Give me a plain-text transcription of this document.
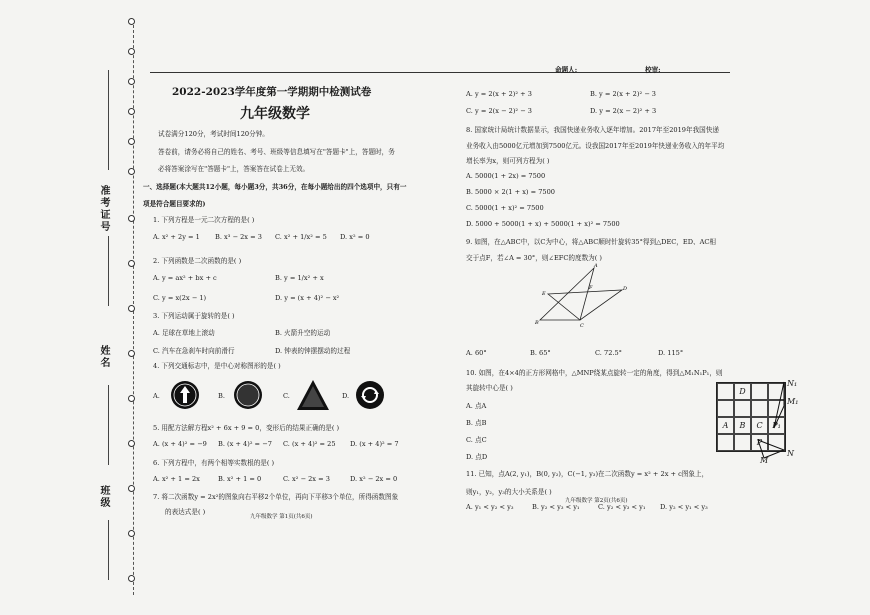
准考证号
姓名
班级
命题人:	校审:
2022-2023学年度第一学期期中检测试卷
九年级数学
试卷满分120分，考试时间120分钟。
答卷前，请务必将自己的姓名、考号、班级等信息填写在"答题卡"上，答题时，务
必将答案涂写在"答题卡"上，答案答在试卷上无效。
一、选择题(本大题共12小题，每小题3分，共36分，在每小题给出的四个选项中，只有一
项是符合题目要求的)
1. 下列方程是一元二次方程的是( )
A. x² + 2y = 1 B. x³ − 2x = 3 C. x² + 1/x² = 5 D. x² = 0
2. 下列函数是二次函数的是( )
A. y = ax² + bx + c	B. y = 1/x² + x
C. y = x(2x − 1)	D. y = (x + 4)² − x²
3. 下列运动属于旋转的是( )
A. 足球在草地上滚动	B. 火箭升空的运动
C. 汽车在急刹车时向前滑行	D. 钟表的钟摆摆动的过程
4. 下列交通标志中，是中心对称图形的是( )
A.	B.	C.	D.
5. 用配方法解方程x² + 6x + 9 = 0，变形后的结果正确的是( )
A. (x + 4)² = −9 B. (x + 4)² = −7 C. (x + 4)² = 25 D. (x + 4)² = 7
6. 下列方程中，有两个相等实数根的是( )
A. x² + 1 = 2x	B. x² + 1 = 0	C. x² − 2x = 3	D. x² − 2x = 0
7. 将二次函数y = 2x²的图象向右平移2个单位，再向下平移3个单位，所得函数图象
的表达式是( )
九年级数学 第1页(共6页)
A. y = 2(x + 2)² + 3	B. y = 2(x + 2)² − 3
C. y = 2(x − 2)² − 3	D. y = 2(x − 2)² + 3
8. 国家统计局统计数据显示，我国快递业务收入逐年增加。2017年至2019年我国快递
业务收入由5000亿元增加到7500亿元。设我国2017年至2019年快递业务收入的年平均
增长率为x，则可列方程为( )
A. 5000(1 + 2x) = 7500
B. 5000 × 2(1 + x) = 7500
C. 5000(1 + x)² = 7500
D. 5000 + 5000(1 + x) + 5000(1 + x)² = 7500
9. 如图，在△ABC中，以C为中心，将△ABC顺时针旋转35°得到△DEC，ED、AC相
交于点F，若∠A = 30°，则∠EFC的度数为( )
A
E
F	D
B	C
A. 60°	B. 65°	C. 72.5°	D. 115°
10. 如图，在4×4的正方形网格中，△MNP绕某点旋转一定的角度，得到△M₁N₁P₁，则
其旋转中心是( )
A. 点A
B. 点B
C. 点C
D. 点D
D
A	B	C	P₁
P
N₁
M₁
M
N
11. 已知，点A(2, y₁)，B(0, y₂)，C(−1, y₃)在二次函数y = x² + 2x + c图象上，
则y₁，y₂，y₃的大小关系是( )
A. y₁ < y₂ < y₃	B. y₂ < y₃ < y₁	C. y₂ < y₃ < y₁ D. y₂ < y₁ < y₃
九年级数学 第2页(共6页)
